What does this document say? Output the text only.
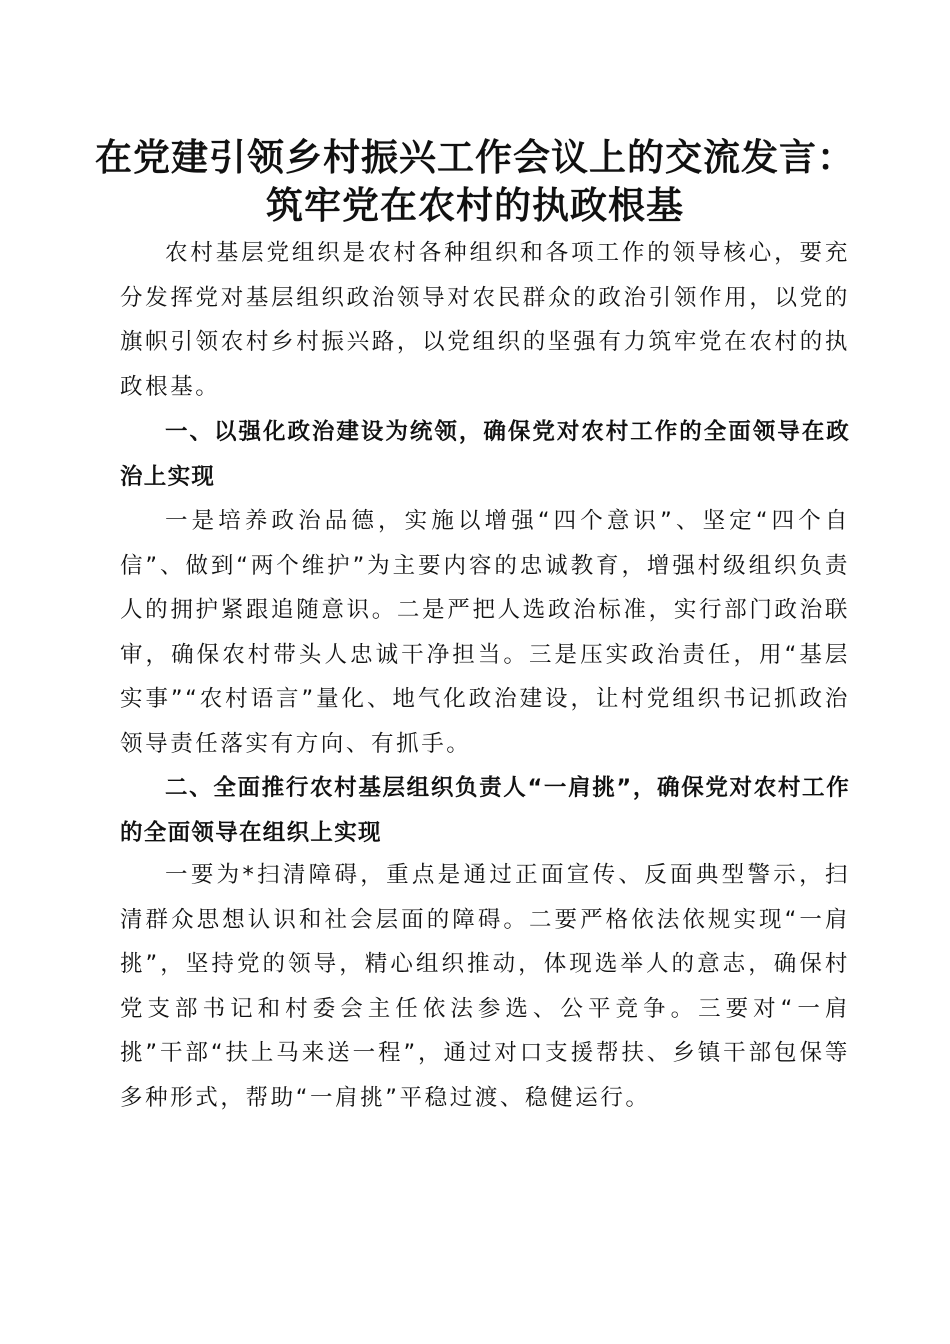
在党建引领乡村振兴工作会议上的交流发言：
筑牢党在农村的执政根基

农村基层党组织是农村各种组织和各项工作的领导核心，要充分发挥党对基层组织政治领导对农民群众的政治引领作用，以党的旗帜引领农村乡村振兴路，以党组织的坚强有力筑牢党在农村的执政根基。

一、以强化政治建设为统领，确保党对农村工作的全面领导在政治上实现

一是培养政治品德，实施以增强“四个意识”、坚定“四个自信”、做到“两个维护”为主要内容的忠诚教育，增强村级组织负责人的拥护紧跟追随意识。二是严把人选政治标准，实行部门政治联审，确保农村带头人忠诚干净担当。三是压实政治责任，用“基层实事”“农村语言”量化、地气化政治建设，让村党组织书记抓政治领导责任落实有方向、有抓手。

二、全面推行农村基层组织负责人“一肩挑”，确保党对农村工作的全面领导在组织上实现

一要为*扫清障碍，重点是通过正面宣传、反面典型警示，扫清群众思想认识和社会层面的障碍。二要严格依法依规实现“一肩挑”，坚持党的领导，精心组织推动，体现选举人的意志，确保村党支部书记和村委会主任依法参选、公平竞争。三要对“一肩挑”干部“扶上马来送一程”，通过对口支援帮扶、乡镇干部包保等多种形式，帮助“一肩挑”平稳过渡、稳健运行。
